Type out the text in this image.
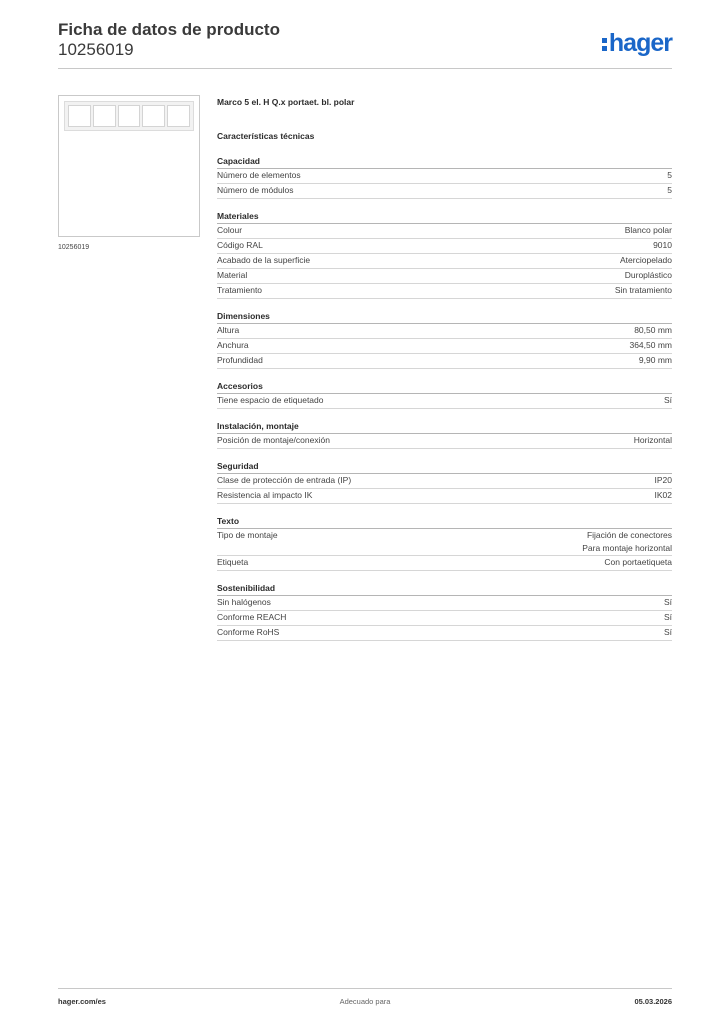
Ficha de datos de producto
10256019	hager
10256019
Marco 5 el. H Q.x portaet. bl. polar
Características técnicas
Capacidad
Número de elementos	5
Número de módulos	5
Materiales
Colour	Blanco polar
Código RAL	9010
Acabado de la superficie	Aterciopelado
Material	Duroplástico
Tratamiento	Sin tratamiento
Dimensiones
Altura	80,50 mm
Anchura	364,50 mm
Profundidad	9,90 mm
Accesorios
Tiene espacio de etiquetado	Sí
Instalación, montaje
Posición de montaje/conexión	Horizontal
Seguridad
Clase de protección de entrada (IP)	IP20
Resistencia al impacto IK	IK02
Texto
Tipo de montaje	Fijación de conectores
Para montaje horizontal
Etiqueta	Con portaetiqueta
Sostenibilidad
Sin halógenos	Sí
Conforme REACH	Sí
Conforme RoHS	Sí
hager.com/es	Adecuado para	05.03.2026
